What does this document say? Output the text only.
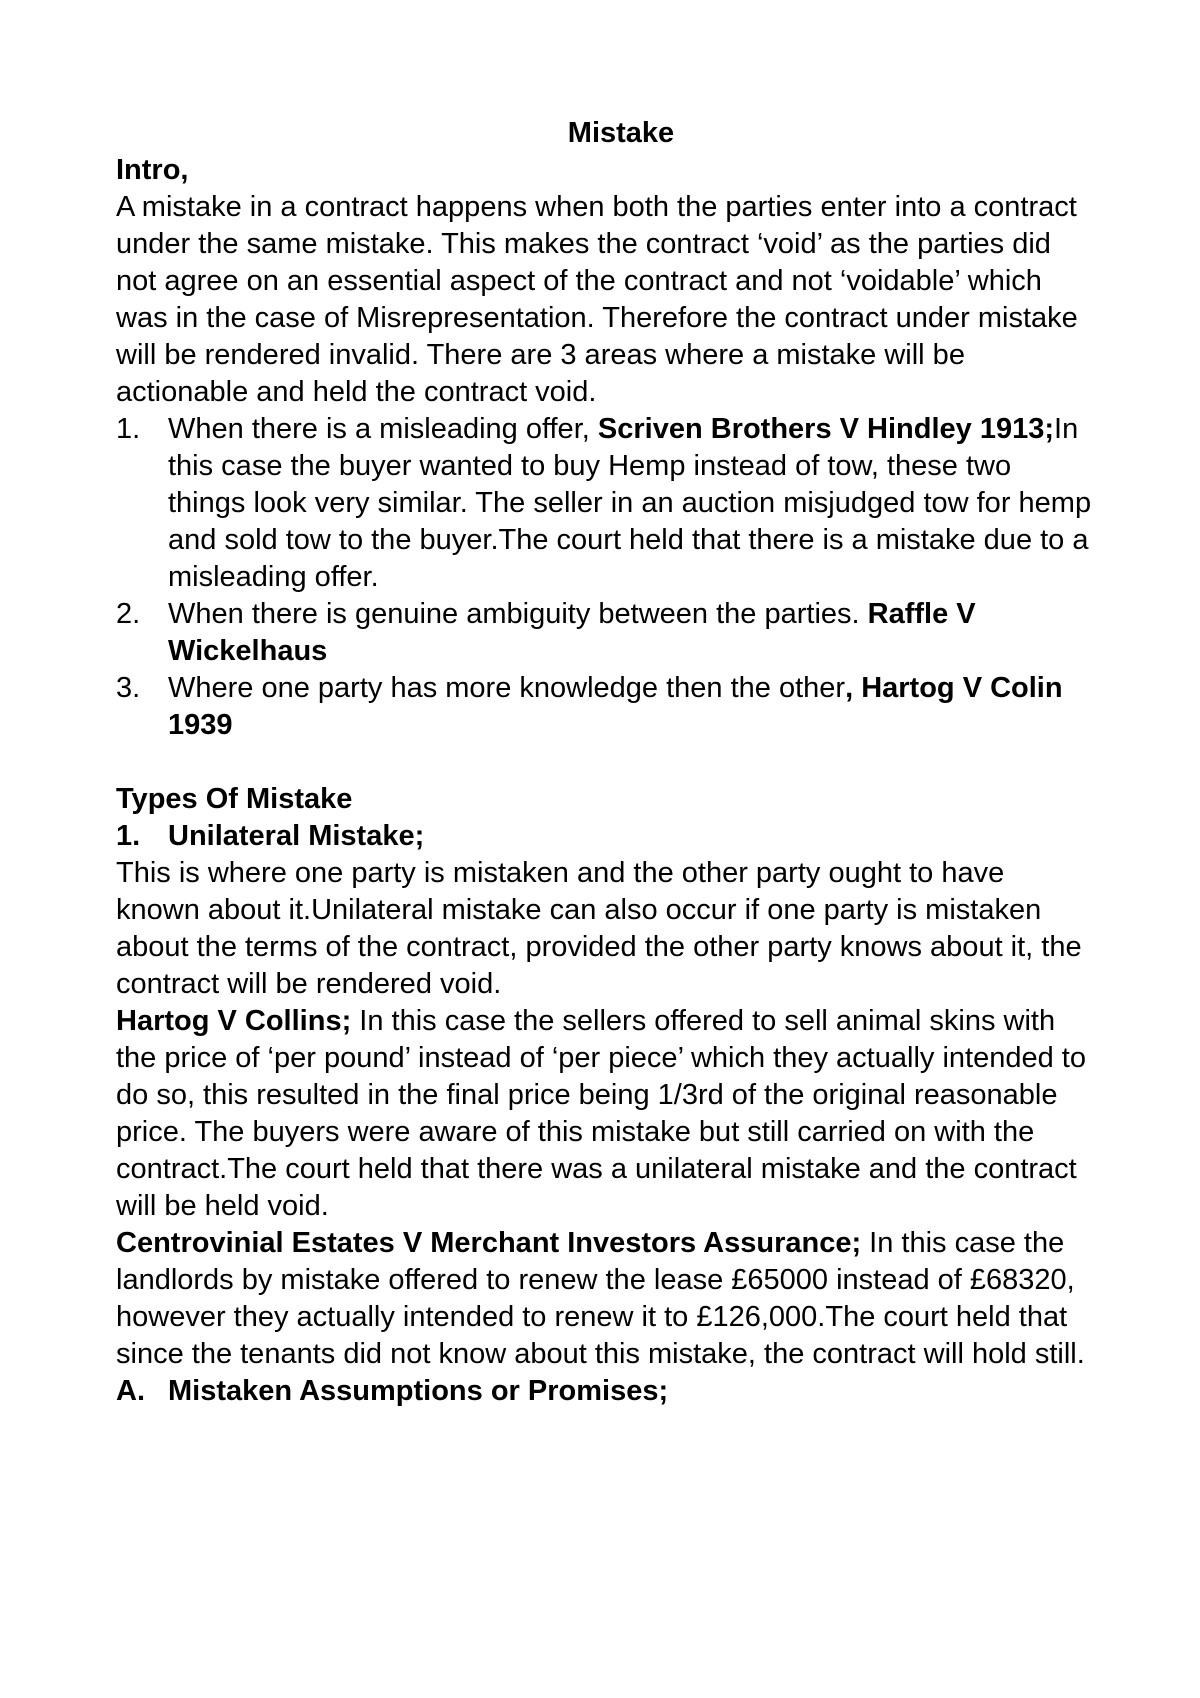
Mistake

Intro,

A mistake in a contract happens when both the parties enter into a contract under the same mistake. This makes the contract ‘void’ as the parties did not agree on an essential aspect of the contract and not ‘voidable’ which was in the case of Misrepresentation. Therefore the contract under mistake will be rendered invalid. There are 3 areas where a mistake will be actionable and held the contract void.

1. When there is a misleading offer, Scriven Brothers V Hindley 1913;In this case the buyer wanted to buy Hemp instead of tow, these two things look very similar. The seller in an auction misjudged tow for hemp and sold tow to the buyer.The court held that there is a mistake due to a misleading offer.
2. When there is genuine ambiguity between the parties. Raffle V Wickelhaus
3. Where one party has more knowledge then the other, Hartog V Colin 1939

Types Of Mistake

1. Unilateral Mistake;

This is where one party is mistaken and the other party ought to have known about it.Unilateral mistake can also occur if one party is mistaken about the terms of the contract, provided the other party knows about it, the contract will be rendered void.

Hartog V Collins; In this case the sellers offered to sell animal skins with the price of ‘per pound’ instead of ‘per piece’ which they actually intended to do so, this resulted in the final price being 1/3rd of the original reasonable price. The buyers were aware of this mistake but still carried on with the contract.The court held that there was a unilateral mistake and the contract will be held void.

Centrovinial Estates V Merchant Investors Assurance; In this case the landlords by mistake offered to renew the lease £65000 instead of £68320, however they actually intended to renew it to £126,000.The court held that since the tenants did not know about this mistake, the contract will hold still.

A. Mistaken Assumptions or Promises;
